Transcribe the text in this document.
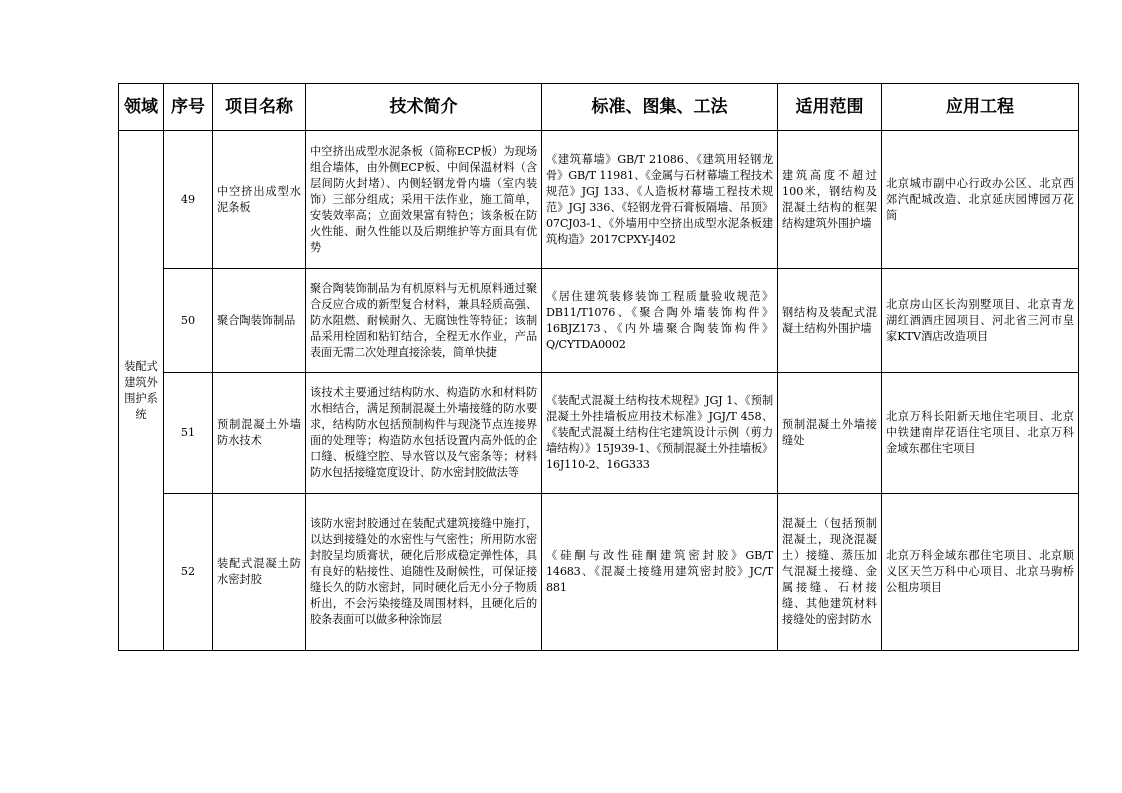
领域	序号	项目名称	技术简介	标准、图集、工法	适用范围	应用工程
装配式建筑外围护系统	49	中空挤出成型水泥条板	中空挤出成型水泥条板（简称ECP板）为现场组合墙体，由外侧ECP板、中间保温材料（含层间防火封堵）、内侧轻钢龙骨内墙（室内装饰）三部分组成；采用干法作业，施工简单，安装效率高；立面效果富有特色；该条板在防火性能、耐久性能以及后期维护等方面具有优势	《建筑幕墙》GB/T 21086、《建筑用轻钢龙骨》GB/T 11981、《金属与石材幕墙工程技术规范》JGJ 133、《人造板材幕墙工程技术规范》JGJ 336、《轻钢龙骨石膏板隔墙、吊顶》07CJ03-1、《外墙用中空挤出成型水泥条板建筑构造》2017CPXY-J402	建筑高度不超过100米，钢结构及混凝土结构的框架结构建筑外围护墙	北京城市副中心行政办公区、北京西郊汽配城改造、北京延庆园博园万花筒
	50	聚合陶装饰制品	聚合陶装饰制品为有机原料与无机原料通过聚合反应合成的新型复合材料，兼具轻质高强、防水阻燃、耐候耐久、无腐蚀性等特征；该制品采用栓固和粘钉结合，全程无水作业，产品表面无需二次处理直接涂装，简单快捷	《居住建筑装修装饰工程质量验收规范》DB11/T1076、《聚合陶外墙装饰构件》16BJZ173、《内外墙聚合陶装饰构件》Q/CYTDA0002	钢结构及装配式混凝土结构外围护墙	北京房山区长沟别墅项目、北京青龙湖红酒酒庄园项目、河北省三河市皇家KTV酒店改造项目
	51	预制混凝土外墙防水技术	该技术主要通过结构防水、构造防水和材料防水相结合，满足预制混凝土外墙接缝的防水要求，结构防水包括预制构件与现浇节点连接界面的处理等；构造防水包括设置内高外低的企口缝、板缝空腔、导水管以及气密条等；材料防水包括接缝宽度设计、防水密封胶做法等	《装配式混凝土结构技术规程》JGJ 1、《预制混凝土外挂墙板应用技术标准》JGJ/T 458、《装配式混凝土结构住宅建筑设计示例（剪力墙结构）》15J939-1、《预制混凝土外挂墙板》16J110-2、16G333	预制混凝土外墙接缝处	北京万科长阳新天地住宅项目、北京中铁建南岸花语住宅项目、北京万科金域东郡住宅项目
	52	装配式混凝土防水密封胶	该防水密封胶通过在装配式建筑接缝中施打，以达到接缝处的水密性与气密性；所用防水密封胶呈均质膏状，硬化后形成稳定弹性体，具有良好的粘接性、追随性及耐候性，可保证接缝长久的防水密封，同时硬化后无小分子物质析出，不会污染接缝及周围材料，且硬化后的胶条表面可以做多种涂饰层	《硅酮与改性硅酮建筑密封胶》GB/T 14683、《混凝土接缝用建筑密封胶》JC/T 881	混凝土（包括预制混凝土，现浇混凝土）接缝、蒸压加气混凝土接缝、金属接缝、石材接缝、其他建筑材料接缝处的密封防水	北京万科金域东郡住宅项目、北京顺义区天竺万科中心项目、北京马驹桥公租房项目
